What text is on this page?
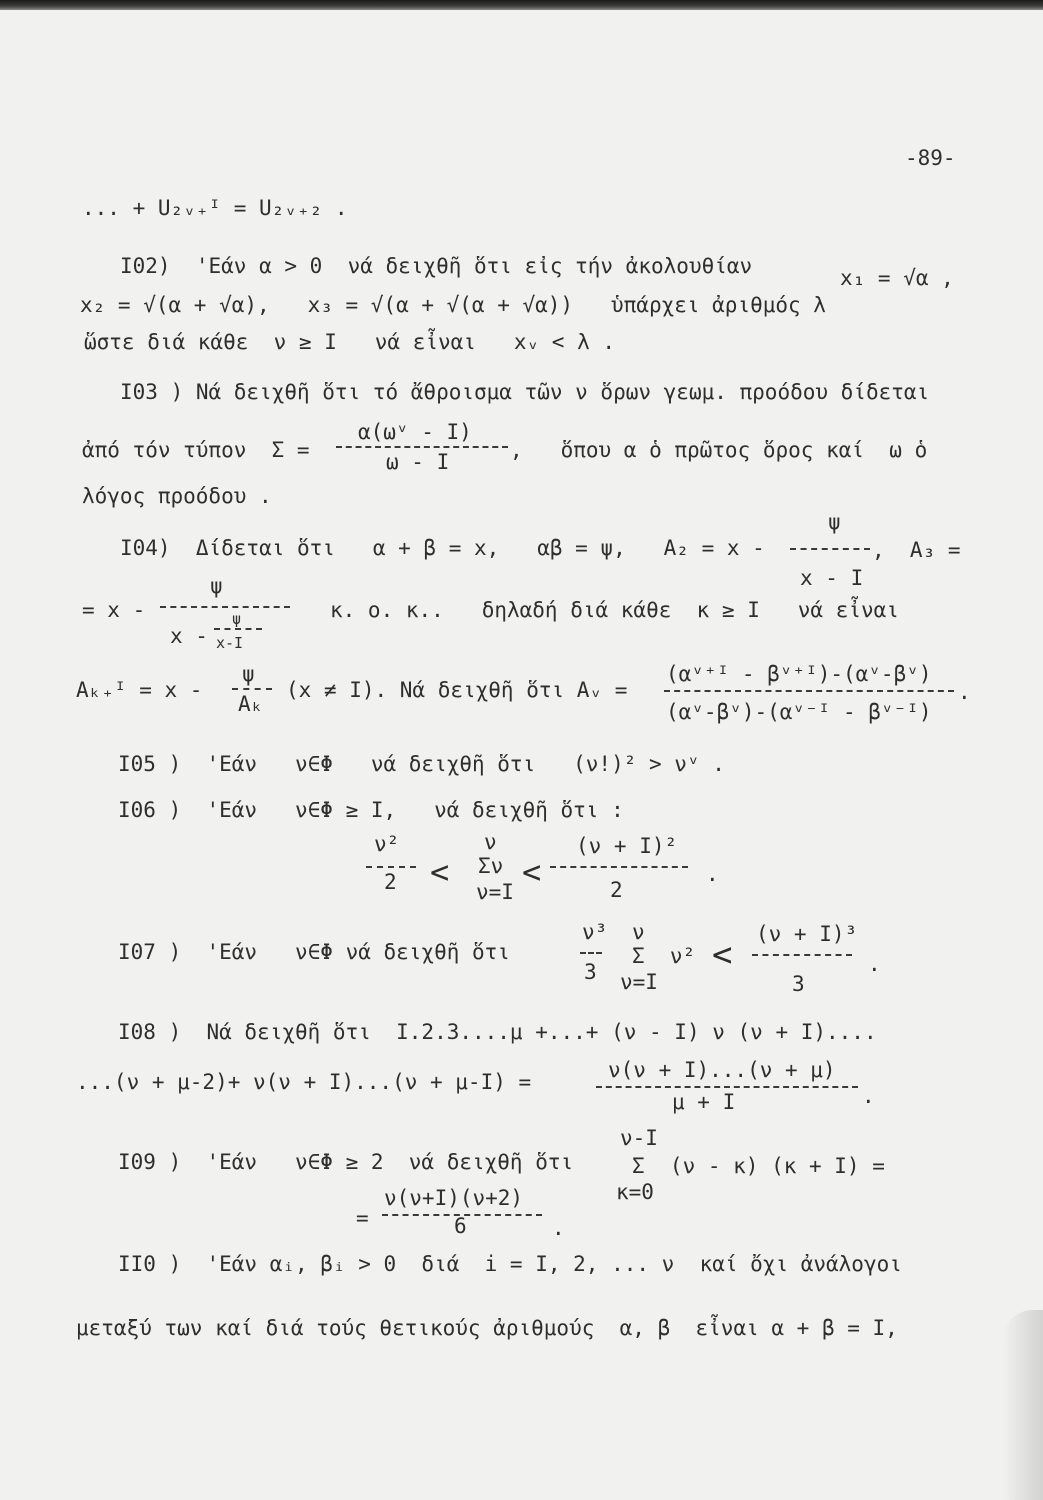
-89-
... + U₂ᵥ₊ᴵ = U₂ᵥ₊₂ .
I02)  'Εάν α > 0  νά δειχθῆ ὅτι εἰς τήν ἀκολουθίαν	x₁ = √α ,
x₂ = √(α + √α),   x₃ = √(α + √(α + √α))   ὑπάρχει ἀριθμός λ
ὥστε διά κάθε  ν ≥ I   νά εἶναι   xᵥ < λ .
I03 ) Νά δειχθῆ ὅτι τό ἄθροισμα τῶν ν ὅρων γεωμ. προόδου δίδεται
ἀπό τόν τύπον  Σ =
α(ωᵛ - I)
ω - I	,   ὅπου α ὁ πρῶτος ὅρος καί  ω ὁ
λόγος προόδου .
I04)  Δίδεται ὅτι   α + β = x,   αβ = ψ,   A₂ = x -
ψ
x - I
,  A₃ =
= x -
ψ
x -
ψ
x-I
κ. ο. κ..   δηλαδή διά κάθε  κ ≥ I   νά εἶναι
Aₖ₊ᴵ = x -
ψ
Aₖ
(x ≠ I). Νά δειχθῆ ὅτι Aᵥ =
(αᵛ⁺ᴵ - βᵛ⁺ᴵ)-(αᵛ-βᵛ)
(αᵛ-βᵛ)-(αᵛ⁻ᴵ - βᵛ⁻ᴵ)
.
I05 )  'Εάν   ν∈Φ   νά δειχθῆ ὅτι   (ν!)² > νᵛ .
I06 )  'Εάν   ν∈Φ ≥ I,   νά δειχθῆ ὅτι :
ν²
2 <
ν
Σν
ν=I
<
(ν + I)²
2
.
I07 )  'Εάν   ν∈Φ νά δειχθῆ ὅτι
ν³
3
ν
Σ  ν²
ν=I
<
(ν + I)³
3
.
I08 )  Νά δειχθῆ ὅτι  I.2.3....μ +...+ (ν - I) ν (ν + I)....
...(ν + μ-2)+ ν(ν + I)...(ν + μ-I) =	ν(ν + I)...(ν + μ)
μ + I	.
ν-I
I09 )  'Εάν   ν∈Φ ≥ 2  νά δειχθῆ ὅτι	Σ  (ν - κ) (κ + I) =
κ=0
=
ν(ν+I)(ν+2)
6	.
II0 )  'Εάν αᵢ, βᵢ > 0  διά  i = I, 2, ... ν  καί ὄχι ἀνάλογοι
μεταξύ των καί διά τούς θετικούς ἀριθμούς  α, β  εἶναι α + β = I,
